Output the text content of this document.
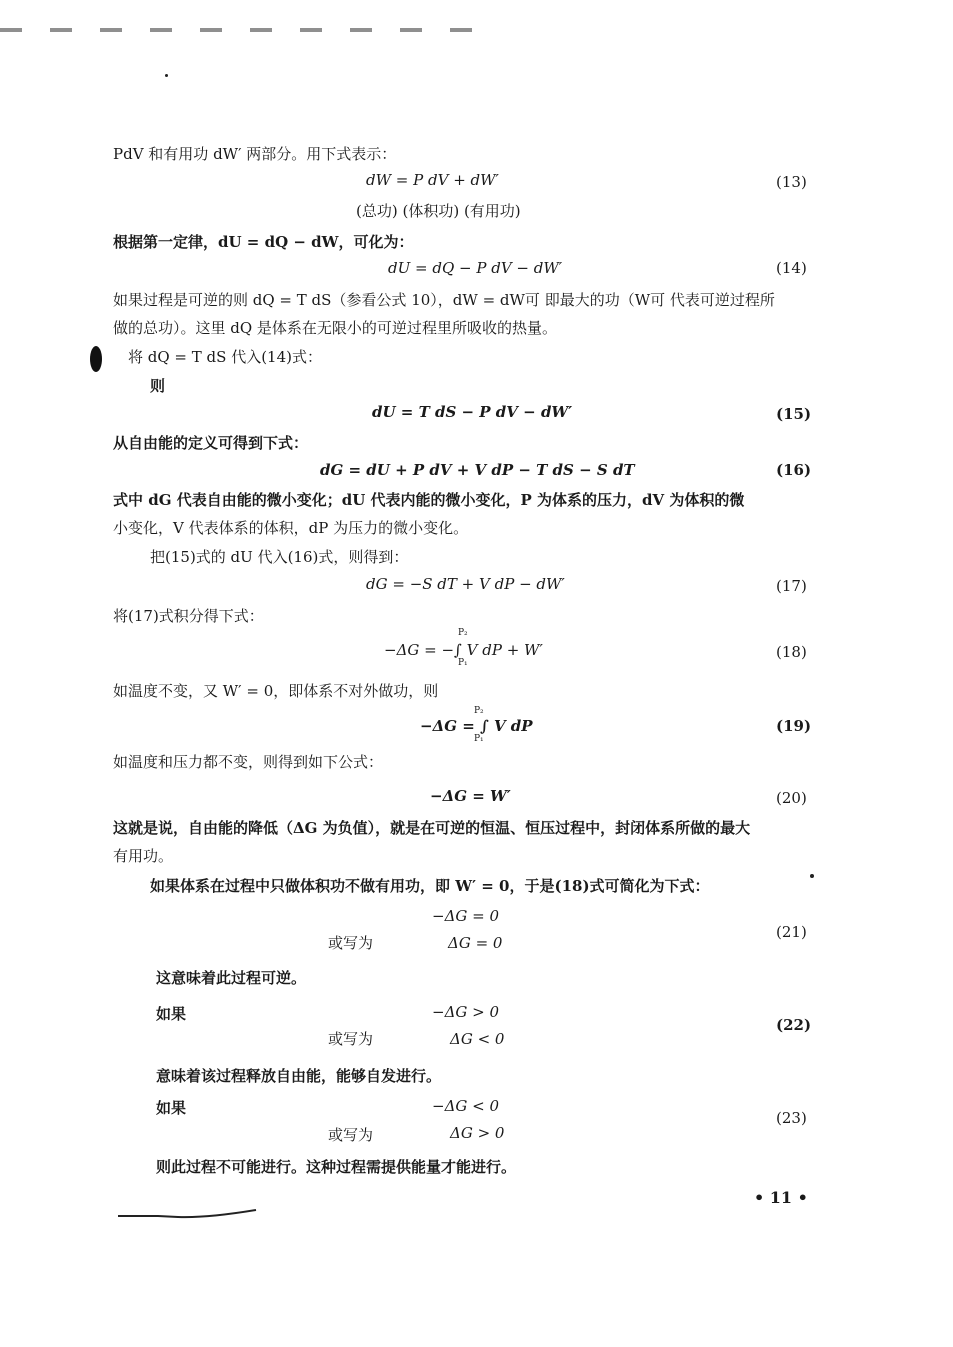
PdV 和有用功 dW′ 两部分。用下式表示：
dW = P dV + dW′
(总功) (体积功) (有用功)
(13)
根据第一定律，dU = dQ − dW，可化为：
dU = dQ − P dV − dW′	(14)
如果过程是可逆的则 dQ = T dS（参看公式 10），dW = dW可 即最大的功（W可 代表可逆过程所
做的总功）。这里 dQ 是体系在无限小的可逆过程里所吸收的热量。
将 dQ = T dS 代入(14)式：
则
dU = T dS − P dV − dW′	(15)
从自由能的定义可得到下式：
dG = dU + P dV + V dP − T dS − S dT	(16)
式中 dG 代表自由能的微小变化；dU 代表内能的微小变化，P 为体系的压力，dV 为体积的微
小变化，V 代表体系的体积，dP 为压力的微小变化。
把(15)式的 dU 代入(16)式，则得到：
dG = −S dT + V dP − dW′	(17)
将(17)式积分得下式：
−ΔG = −∫ V dP + W′
P₂
P₁
(18)
如温度不变，又 W′ = 0，即体系不对外做功，则
−ΔG = ∫ V dP
P₂
P₁
(19)
如温度和压力都不变，则得到如下公式：
−ΔG = W′	(20)
这就是说，自由能的降低（ΔG 为负值），就是在可逆的恒温、恒压过程中，封闭体系所做的最大
有用功。
如果体系在过程中只做体积功不做有用功，即 W′ = 0，于是(18)式可简化为下式：
−ΔG = 0
或写为	ΔG = 0
(21)
这意味着此过程可逆。
如果	−ΔG > 0
或写为	ΔG < 0
(22)
意味着该过程释放自由能，能够自发进行。
如果	−ΔG < 0
或写为	ΔG > 0
(23)
则此过程不可能进行。这种过程需提供能量才能进行。
• 11 •
